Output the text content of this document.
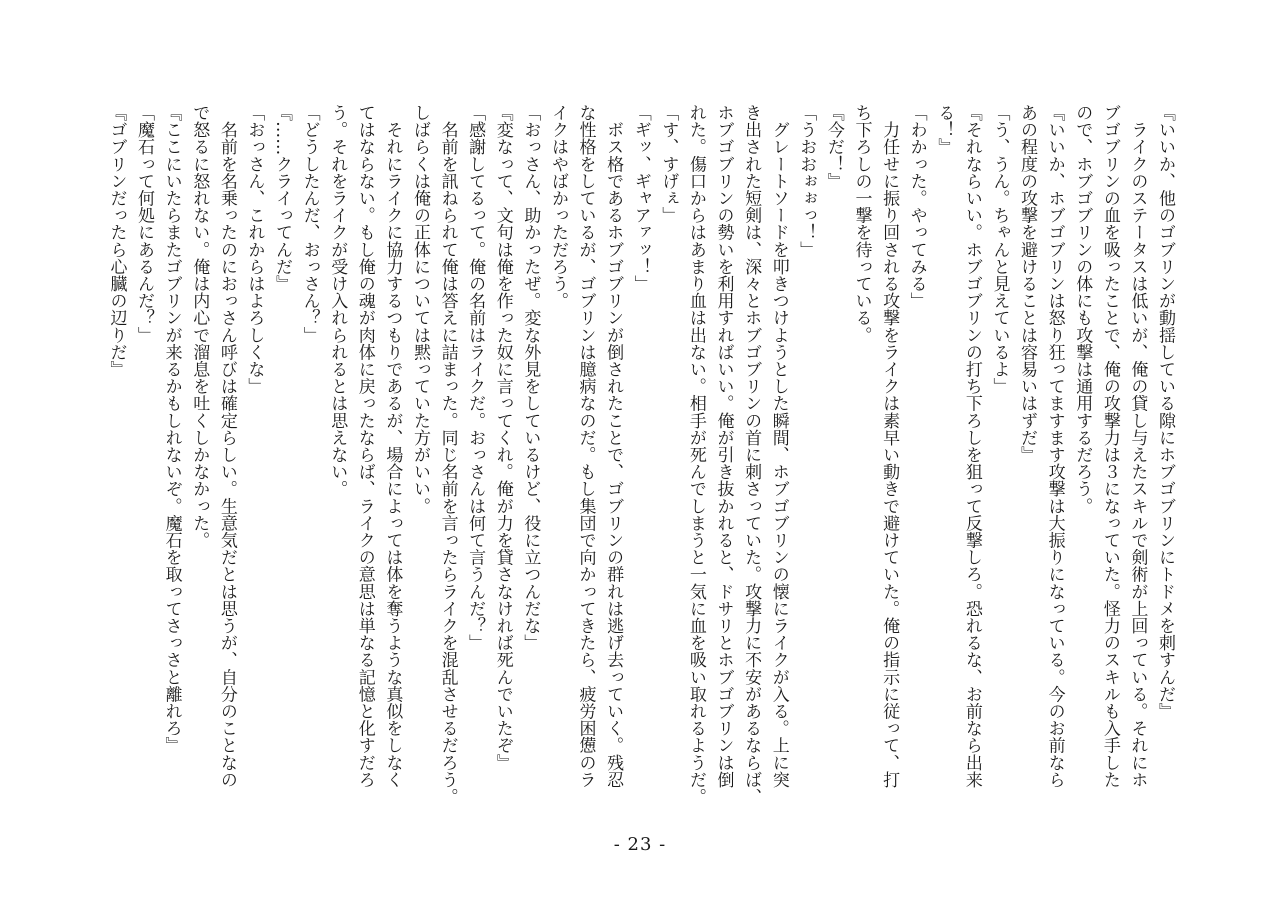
『いいか、他のゴブリンが動揺している隙にホブゴブリンにトドメを刺すんだ』
　ライクのステータスは低いが、俺の貸し与えたスキルで剣術が上回っている。それにホ
ブゴブリンの血を吸ったことで、俺の攻撃力は３になっていた。怪力のスキルも入手した
ので、ホブゴブリンの体にも攻撃は通用するだろう。
『いいか、ホブゴブリンは怒り狂ってますます攻撃は大振りになっている。今のお前なら
あの程度の攻撃を避けることは容易いはずだ』
「う、うん。ちゃんと見えているよ」
『それならいい。ホブゴブリンの打ち下ろしを狙って反撃しろ。恐れるな、お前なら出来
る！』
「わかった。やってみる」
　力任せに振り回される攻撃をライクは素早い動きで避けていた。俺の指示に従って、打
ち下ろしの一撃を待っている。
『今だ！』
「うおおぉぉっ！」
　グレートソードを叩きつけようとした瞬間、ホブゴブリンの懐にライクが入る。上に突
き出された短剣は、深々とホブゴブリンの首に刺さっていた。攻撃力に不安があるならば、
ホブゴブリンの勢いを利用すればいい。俺が引き抜かれると、ドサリとホブゴブリンは倒
れた。傷口からはあまり血は出ない。相手が死んでしまうと一気に血を吸い取れるようだ。
「す、すげぇ」
「ギッ、ギャアァッ！」
　ボス格であるホブゴブリンが倒されたことで、ゴブリンの群れは逃げ去っていく。残忍
な性格をしているが、ゴブリンは臆病なのだ。もし集団で向かってきたら、疲労困憊のラ
イクはやばかっただろう。
「おっさん、助かったぜ。変な外見をしているけど、役に立つんだな」
『変なって、文句は俺を作った奴に言ってくれ。俺が力を貸さなければ死んでいたぞ』
「感謝してるって。俺の名前はライクだ。おっさんは何て言うんだ？」
　名前を訊ねられて俺は答えに詰まった。同じ名前を言ったらライクを混乱させるだろう。
しばらくは俺の正体については黙っていた方がいい。
　それにライクに協力するつもりであるが、場合によっては体を奪うような真似をしなく
てはならない。もし俺の魂が肉体に戻ったならば、ライクの意思は単なる記憶と化すだろ
う。それをライクが受け入れられるとは思えない。
「どうしたんだ、おっさん？」
『……クライってんだ』
「おっさん、これからはよろしくな」
　名前を名乗ったのにおっさん呼びは確定らしい。生意気だとは思うが、自分のことなの
で怒るに怒れない。俺は内心で溜息を吐くしかなかった。
『ここにいたらまたゴブリンが来るかもしれないぞ。魔石を取ってさっさと離れろ』
「魔石って何処にあるんだ？」
『ゴブリンだったら心臓の辺りだ』
- 23 -
